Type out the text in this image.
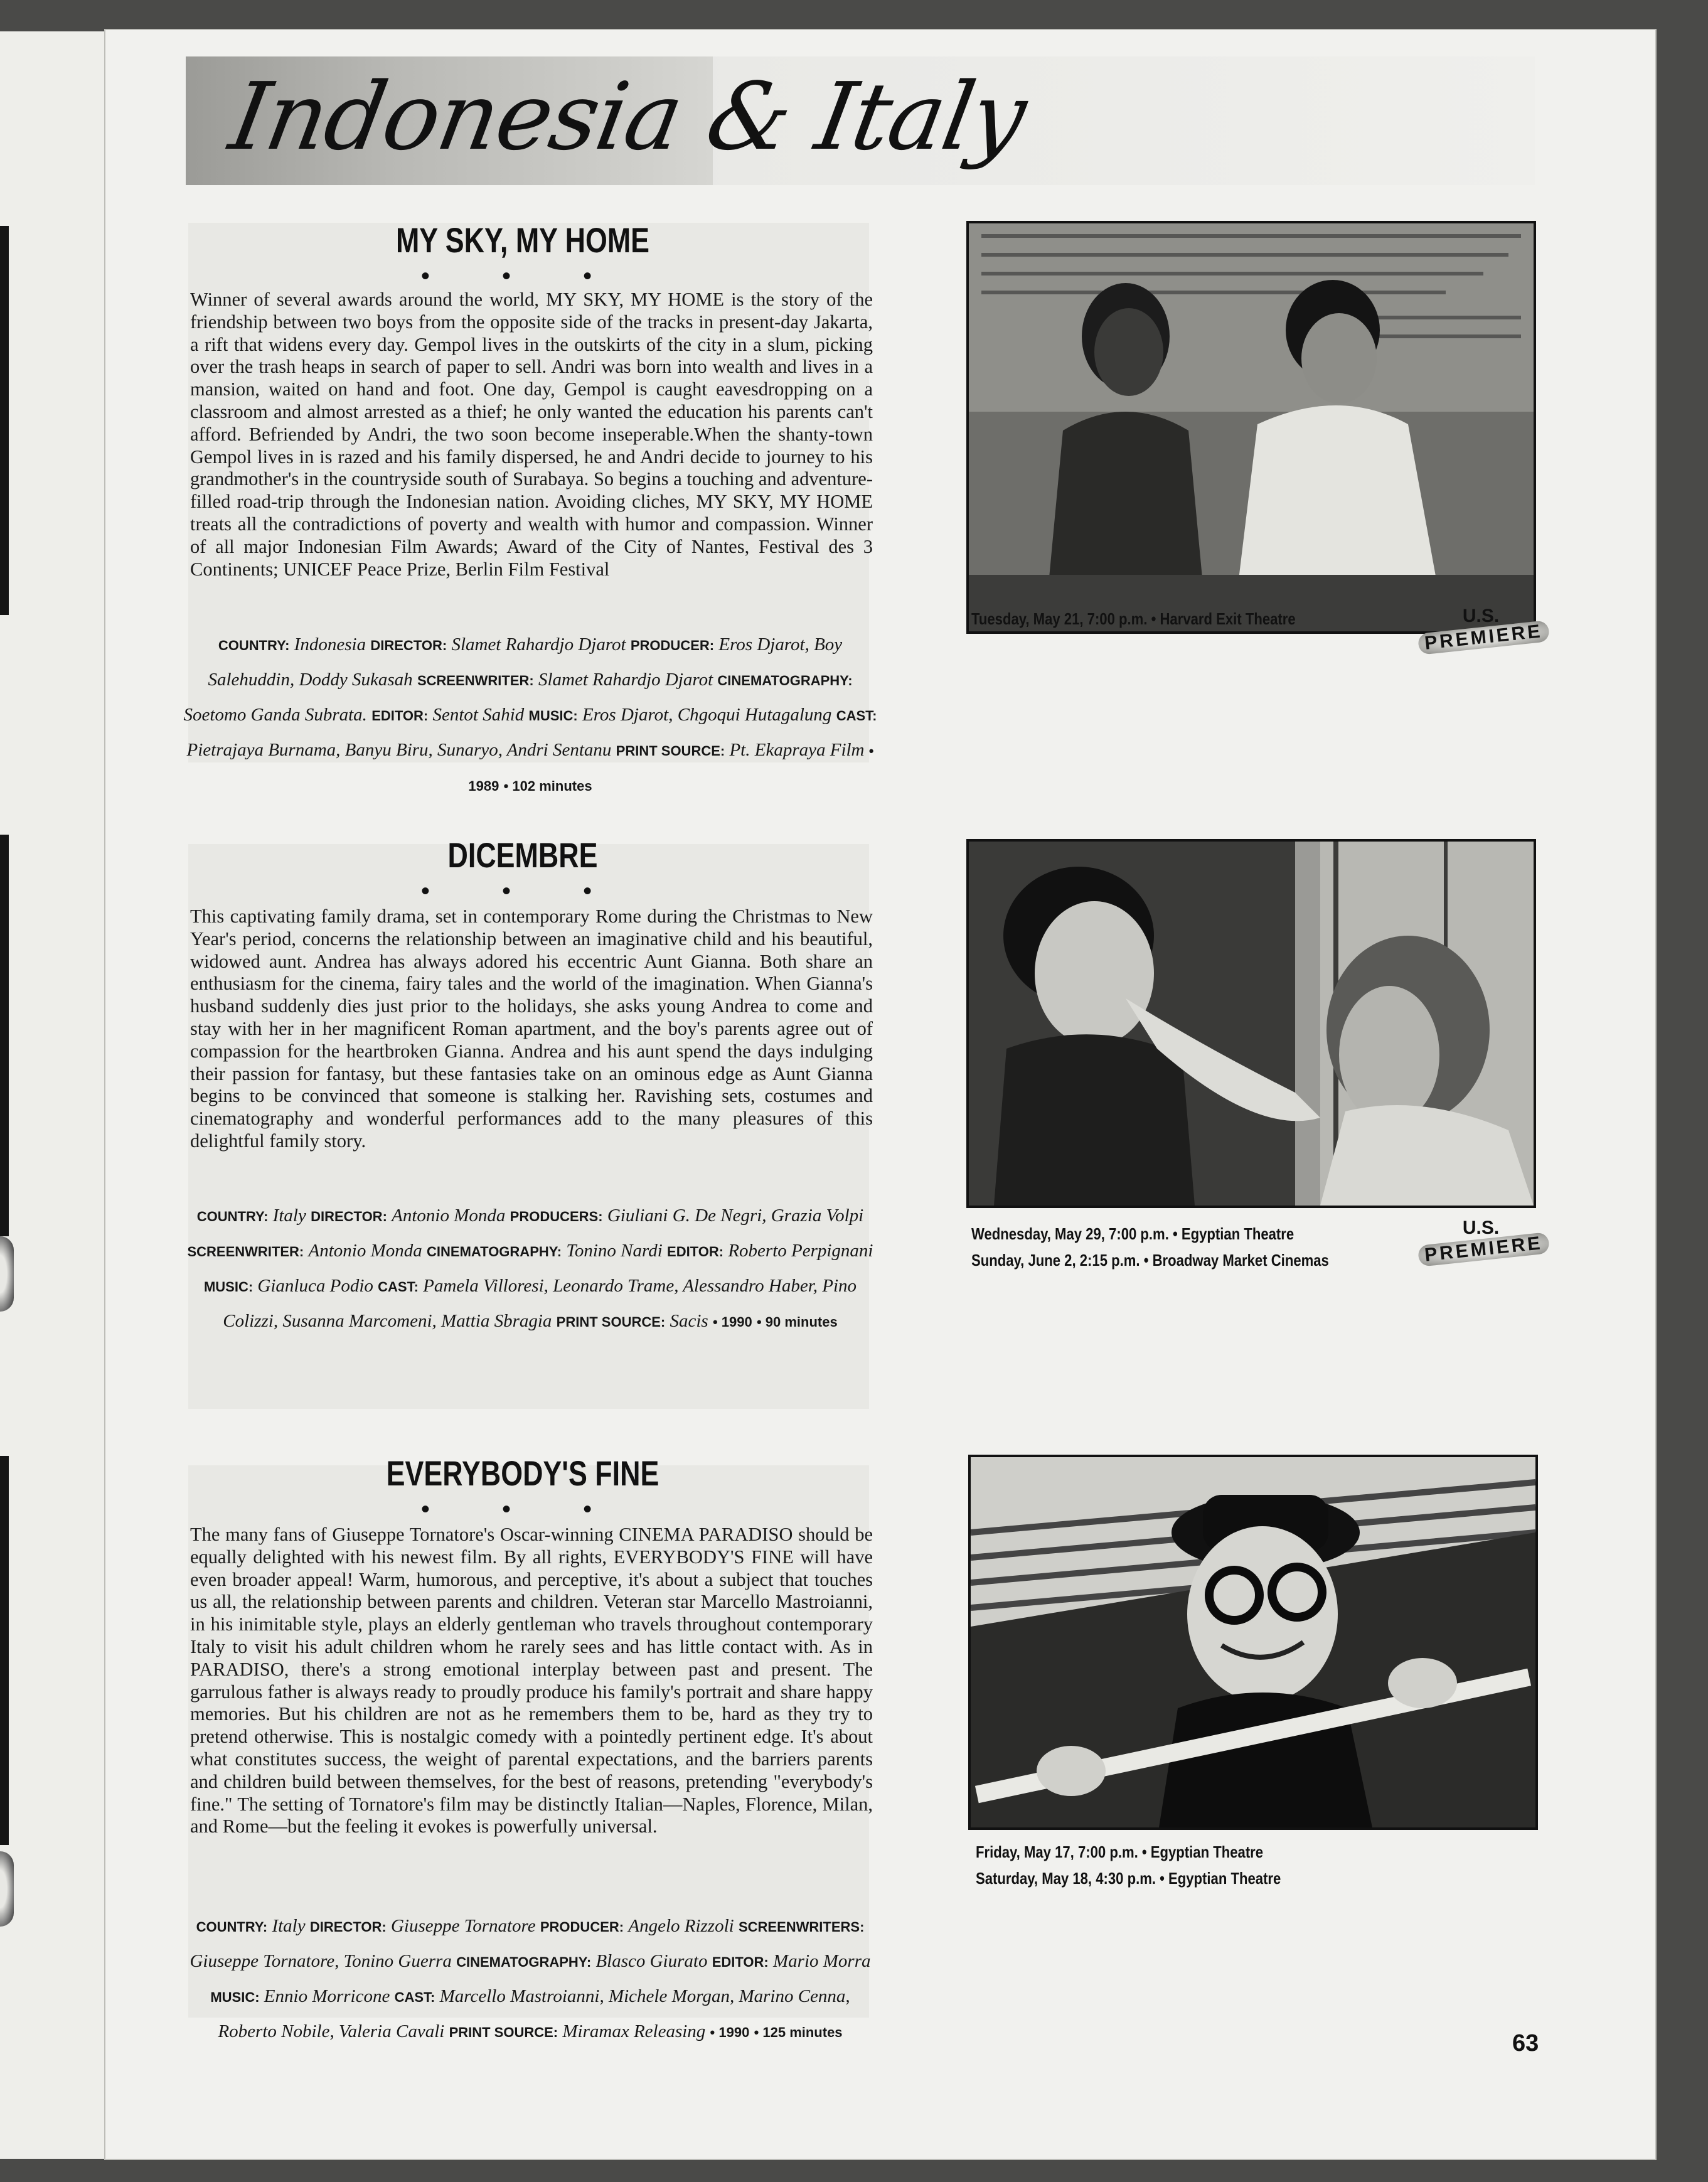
Indonesia & Italy
MY SKY, MY HOME
• • •
Winner of several awards around the world, MY SKY, MY HOME is the story of the friendship between two boys from the opposite side of the tracks in present-day Jakarta, a rift that widens every day. Gempol lives in the outskirts of the city in a slum, picking over the trash heaps in search of paper to sell. Andri was born into wealth and lives in a mansion, waited on hand and foot. One day, Gempol is caught eavesdropping on a classroom and almost arrested as a thief; he only wanted the education his parents can't afford. Befriended by Andri, the two soon become inseperable.When the shanty-town Gempol lives in is razed and his family dispersed, he and Andri decide to journey to his grandmother's in the countryside south of Surabaya. So begins a touching and adventure-filled road-trip through the Indonesian nation. Avoiding cliches, MY SKY, MY HOME treats all the contradictions of poverty and wealth with humor and compassion. Winner of all major Indonesian Film Awards; Award of the City of Nantes, Festival des 3 Continents; UNICEF Peace Prize, Berlin Film Festival
COUNTRY: Indonesia DIRECTOR: Slamet Rahardjo Djarot PRODUCER: Eros Djarot, Boy Salehuddin, Doddy Sukasah SCREENWRITER: Slamet Rahardjo Djarot CINEMATOGRAPHY: Soetomo Ganda Subrata. EDITOR: Sentot Sahid MUSIC: Eros Djarot, Chgoqui Hutagalung CAST: Pietrajaya Burnama, Banyu Biru, Sunaryo, Andri Sentanu PRINT SOURCE: Pt. Ekapraya Film • 1989 • 102 minutes
Tuesday, May 21, 7:00 p.m. • Harvard Exit Theatre	U.S.
PREMIERE
DICEMBRE
• • •
This captivating family drama, set in contemporary Rome during the Christmas to New Year's period, concerns the relationship between an imaginative child and his beautiful, widowed aunt. Andrea has always adored his eccentric Aunt Gianna. Both share an enthusiasm for the cinema, fairy tales and the world of the imagination. When Gianna's husband suddenly dies just prior to the holidays, she asks young Andrea to come and stay with her in her magnificent Roman apartment, and the boy's parents agree out of compassion for the heartbroken Gianna. Andrea and his aunt spend the days indulging their passion for fantasy, but these fantasies take on an ominous edge as Aunt Gianna begins to be convinced that someone is stalking her. Ravishing sets, costumes and cinematography and wonderful performances add to the many pleasures of this delightful family story.
COUNTRY: Italy DIRECTOR: Antonio Monda PRODUCERS: Giuliani G. De Negri, Grazia Volpi SCREENWRITER: Antonio Monda CINEMATOGRAPHY: Tonino Nardi EDITOR: Roberto Perpignani MUSIC: Gianluca Podio CAST: Pamela Villoresi, Leonardo Trame, Alessandro Haber, Pino Colizzi, Susanna Marcomeni, Mattia Sbragia PRINT SOURCE: Sacis • 1990 • 90 minutes
Wednesday, May 29, 7:00 p.m. • Egyptian Theatre
Sunday, June 2, 2:15 p.m. • Broadway Market Cinemas
U.S.
PREMIERE
EVERYBODY'S FINE
• • •
The many fans of Giuseppe Tornatore's Oscar-winning CINEMA PARADISO should be equally delighted with his newest film. By all rights, EVERYBODY'S FINE will have even broader appeal! Warm, humorous, and perceptive, it's about a subject that touches us all, the relationship between parents and children. Veteran star Marcello Mastroianni, in his inimitable style, plays an elderly gentleman who travels throughout contemporary Italy to visit his adult children whom he rarely sees and has little contact with. As in PARADISO, there's a strong emotional interplay between past and present. The garrulous father is always ready to proudly produce his family's portrait and share happy memories. But his children are not as he remembers them to be, hard as they try to pretend otherwise. This is nostalgic comedy with a pointedly pertinent edge. It's about what constitutes success, the weight of parental expectations, and the barriers parents and children build between themselves, for the best of reasons, pretending "everybody's fine." The setting of Tornatore's film may be distinctly Italian—Naples, Florence, Milan, and Rome—but the feeling it evokes is powerfully universal.
COUNTRY: Italy DIRECTOR: Giuseppe Tornatore PRODUCER: Angelo Rizzoli SCREENWRITERS: Giuseppe Tornatore, Tonino Guerra CINEMATOGRAPHY: Blasco Giurato EDITOR: Mario Morra MUSIC: Ennio Morricone CAST: Marcello Mastroianni, Michele Morgan, Marino Cenna, Roberto Nobile, Valeria Cavali PRINT SOURCE: Miramax Releasing • 1990 • 125 minutes
Friday, May 17, 7:00 p.m. • Egyptian Theatre
Saturday, May 18, 4:30 p.m. • Egyptian Theatre
63
